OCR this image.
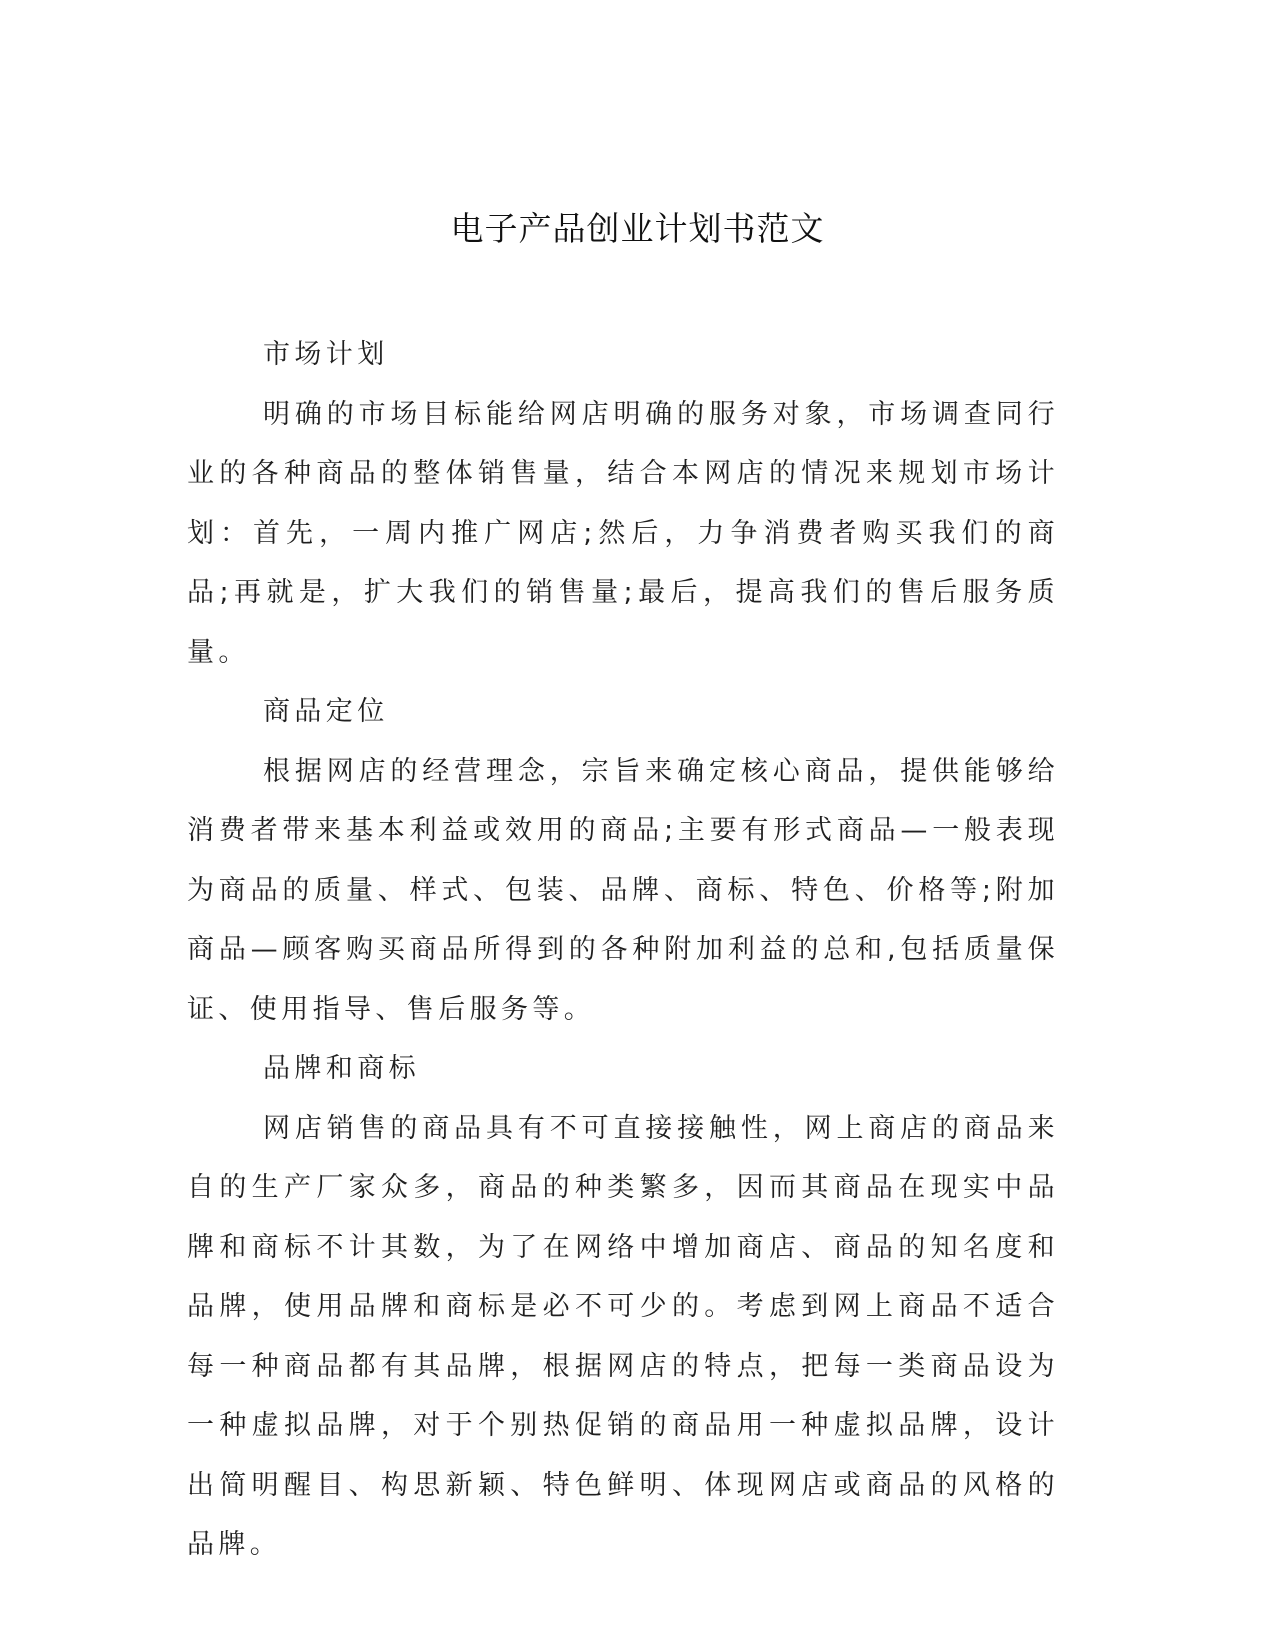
电子产品创业计划书范文

市场计划

明确的市场目标能给网店明确的服务对象，市场调查同行业的各种商品的整体销售量，结合本网店的情况来规划市场计划：首先，一周内推广网店;然后，力争消费者购买我们的商品;再就是，扩大我们的销售量;最后，提高我们的售后服务质量。

商品定位

根据网店的经营理念，宗旨来确定核心商品，提供能够给消费者带来基本利益或效用的商品;主要有形式商品—一般表现为商品的质量、样式、包装、品牌、商标、特色、价格等;附加商品—顾客购买商品所得到的各种附加利益的总和,包括质量保证、使用指导、售后服务等。

品牌和商标

网店销售的商品具有不可直接接触性，网上商店的商品来自的生产厂家众多，商品的种类繁多，因而其商品在现实中品牌和商标不计其数，为了在网络中增加商店、商品的知名度和品牌，使用品牌和商标是必不可少的。考虑到网上商品不适合每一种商品都有其品牌，根据网店的特点，把每一类商品设为一种虚拟品牌，对于个别热促销的商品用一种虚拟品牌，设计出简明醒目、构思新颖、特色鲜明、体现网店或商品的风格的品牌。
